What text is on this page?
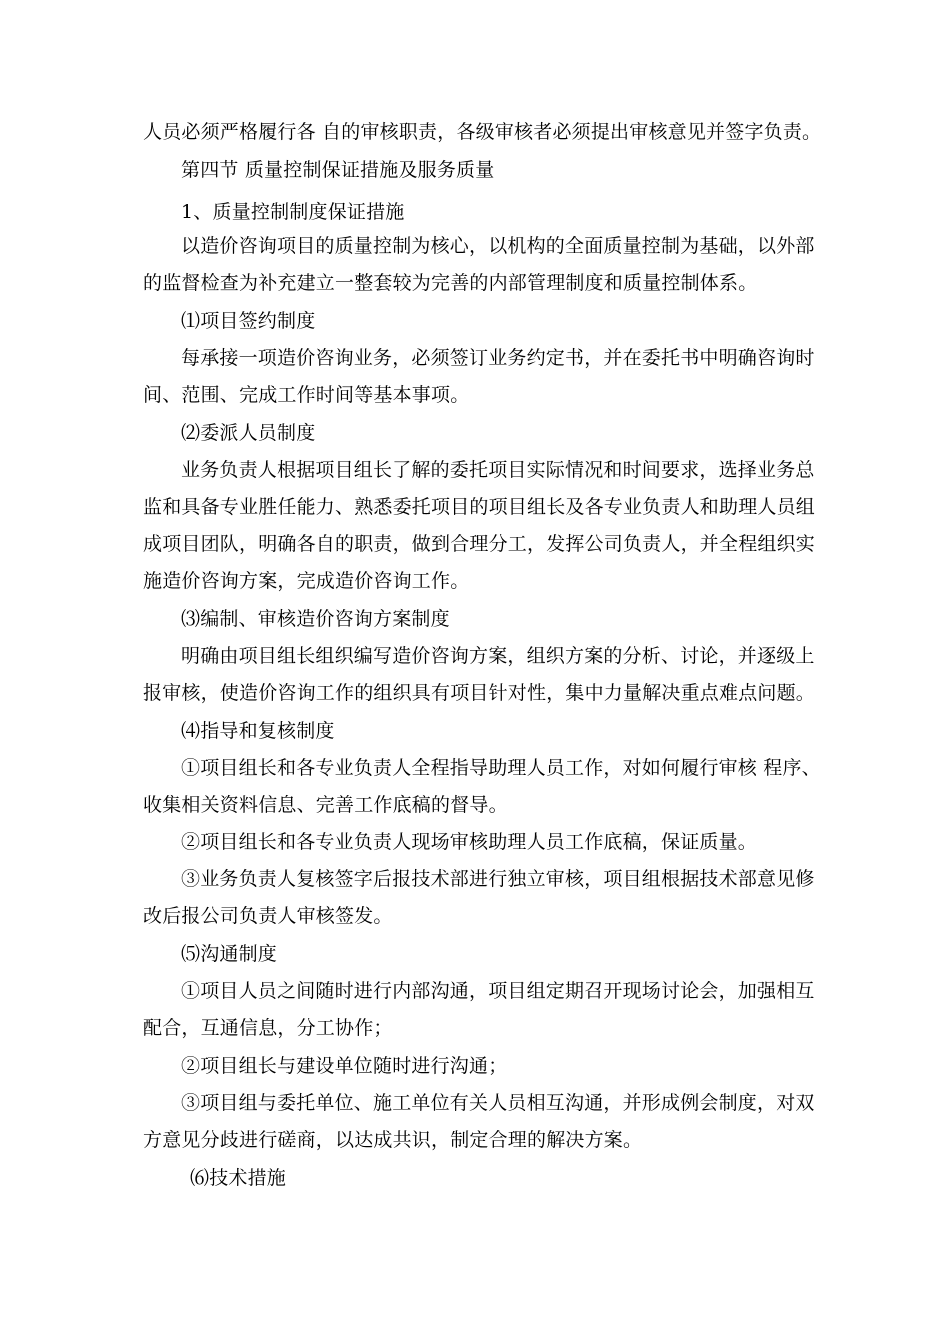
人员必须严格履行各 自的审核职责，各级审核者必须提出审核意见并签字负责。
第四节 质量控制保证措施及服务质量
1、质量控制制度保证措施
以造价咨询项目的质量控制为核心，以机构的全面质量控制为基础，以外部
的监督检查为补充建立一整套较为完善的内部管理制度和质量控制体系。
⑴项目签约制度
每承接一项造价咨询业务，必须签订业务约定书，并在委托书中明确咨询时
间、范围、完成工作时间等基本事项。
⑵委派人员制度
业务负责人根据项目组长了解的委托项目实际情况和时间要求，选择业务总
监和具备专业胜任能力、熟悉委托项目的项目组长及各专业负责人和助理人员组
成项目团队，明确各自的职责，做到合理分工，发挥公司负责人，并全程组织实
施造价咨询方案，完成造价咨询工作。
⑶编制、审核造价咨询方案制度
明确由项目组长组织编写造价咨询方案，组织方案的分析、讨论，并逐级上
报审核，使造价咨询工作的组织具有项目针对性，集中力量解决重点难点问题。
⑷指导和复核制度
①项目组长和各专业负责人全程指导助理人员工作，对如何履行审核 程序、
收集相关资料信息、完善工作底稿的督导。
②项目组长和各专业负责人现场审核助理人员工作底稿，保证质量。
③业务负责人复核签字后报技术部进行独立审核，项目组根据技术部意见修
改后报公司负责人审核签发。
⑸沟通制度
①项目人员之间随时进行内部沟通，项目组定期召开现场讨论会，加强相互
配合，互通信息，分工协作；
②项目组长与建设单位随时进行沟通；
③项目组与委托单位、施工单位有关人员相互沟通，并形成例会制度，对双
方意见分歧进行磋商，以达成共识，制定合理的解决方案。
⑹技术措施
